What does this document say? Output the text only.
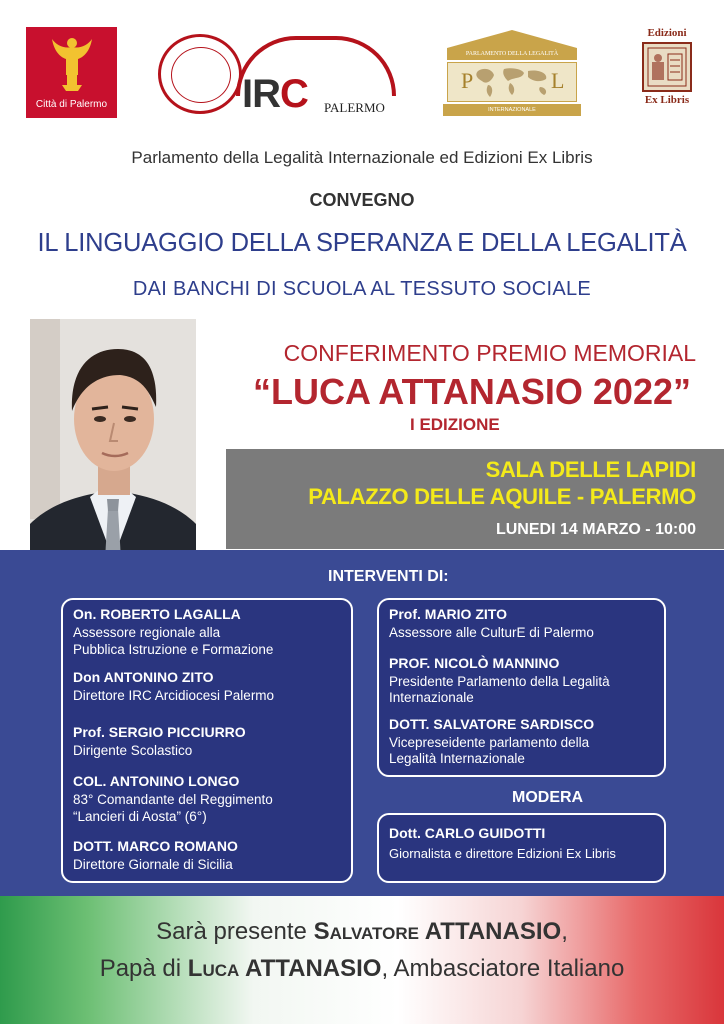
Città di Palermo	IRC PALERMO
PARLAMENTO DELLA LEGALITÀ
P	L
INTERNAZIONALE
Edizioni
Ex Libris
Parlamento della Legalità Internazionale ed Edizioni Ex Libris
CONVEGNO
IL LINGUAGGIO DELLA SPERANZA E DELLA LEGALITÀ
DAI BANCHI DI SCUOLA AL TESSUTO SOCIALE
CONFERIMENTO PREMIO MEMORIAL
“LUCA ATTANASIO 2022”
I EDIZIONE
SALA DELLE LAPIDI
PALAZZO DELLE AQUILE - PALERMO
LUNEDI 14 MARZO - 10:00
INTERVENTI DI:
On. ROBERTO LAGALLA
Assessore regionale alla
Pubblica Istruzione e Formazione
Don ANTONINO ZITO
Direttore IRC Arcidiocesi Palermo
Prof. SERGIO PICCIURRO
Dirigente Scolastico
COL. ANTONINO LONGO
83° Comandante del Reggimento
“Lancieri di Aosta” (6°)
DOTT. MARCO ROMANO
Direttore Giornale di Sicilia
Prof. MARIO ZITO
Assessore alle CulturE di Palermo
PROF. NICOLÒ MANNINO
Presidente Parlamento della Legalità
Internazionale
DOTT. SALVATORE SARDISCO
Vicepreseidente parlamento della
Legalità Internazionale
MODERA
Dott. CARLO GUIDOTTI
Giornalista e direttore Edizioni Ex Libris
Sarà presente Salvatore ATTANASIO,
Papà di Luca ATTANASIO, Ambasciatore Italiano
